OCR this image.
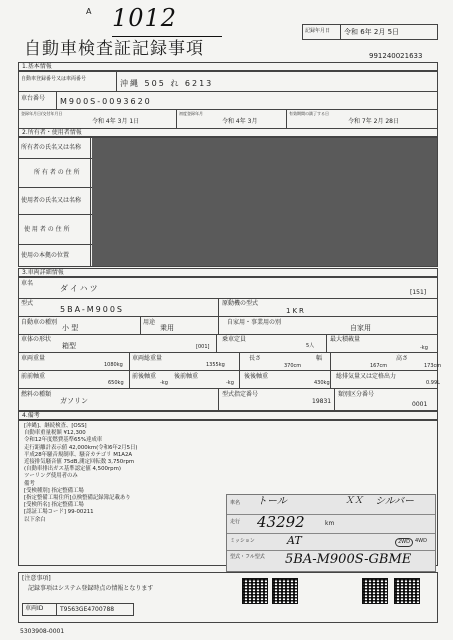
1012
A
自動車検査証記録事項
記録年月日 令和 6年 2月 5日
991240021633
1.基本情報
自動車登録番号又は車両番号	沖縄 505 れ 6213
車台番号 M900S-0093620
登録年月日/交付年月日
令和 4年 3月 1日
初度登録年月
令和 4年 3月
有効期間の満了する日
令和 7年 2月 28日
2.所有者・使用者情報
所有者の氏名又は名称
所 有 者 の 住 所
使用者の氏名又は名称
使 用 者 の 住 所
使用の本拠の位置
3.車両詳細情報
車名
ダイハツ	[151]
型式
5BA-M900S
原動機の型式
1KR
自動車の種別
小 型
用途
乗用
自家用・事業用の別
自家用
車体の形状
箱型	[001]
乗車定員
5人
最大積載量
-kg
車両重量
1080kg
車両総重量
1355kg
長さ
370cm
幅
167cm
高さ
173cm
前前軸重
650kg
前後軸重
-kg
後前軸重
-kg
後後軸重
430kg
総排気量又は定格出力
0.99L
燃料の種類
ガソリン
型式指定番号
19831
類別区分番号
0001
4.備考
[沖縄]、継続検査、[OSS]
自動車重量税額 ¥12,300
令和12年度燃費基準65%達成車
走行距離計表示値 42,000km(令和6年2月5日)
平成28年騒音規制車、騒音カテゴリ M1A2A
近接排気騒音値 75dB,測定回転数 3,750rpm
(自動車排出ガス基準認定値 4,500rpm)
ツーリング使用者のみ
備考
[受検種別] 指定整備工場
[指定整備工場住所]点検整備記録簿記載あり
[受検所名] 指定整備工場
[認証工場コード] 99-00211
以下余白
車名 トール	ＸＸ シルバー
走行 43292	km
ミッション	AT	2WD	4WD
型式・フル型式 5BA-M900S-GBME
[注意事項]
記録事項はシステム登録時点の情報となります
車両ID	T9563GE4700788
5303908-0001
